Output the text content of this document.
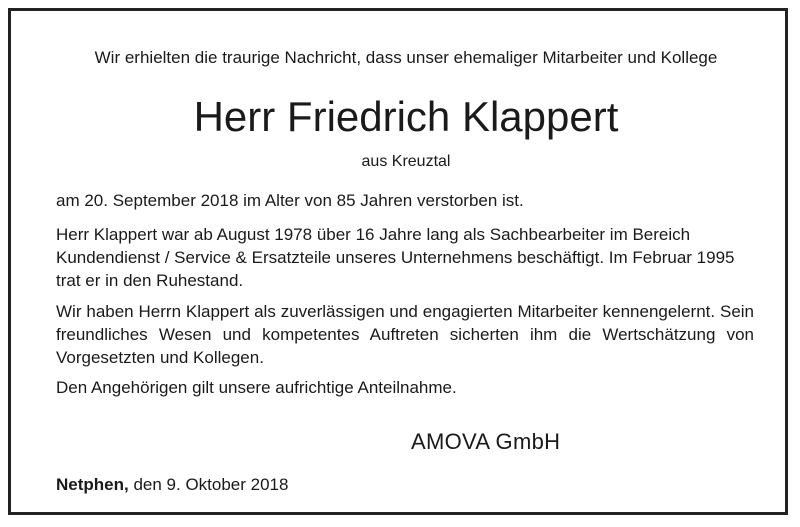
Wir erhielten die traurige Nachricht, dass unser ehemaliger Mitarbeiter und Kollege

Herr Friedrich Klappert

aus Kreuztal

am 20. September 2018 im Alter von 85 Jahren verstorben ist.

Herr Klappert war ab August 1978 über 16 Jahre lang als Sachbearbeiter im Bereich Kundendienst / Service & Ersatzteile unseres Unternehmens beschäftigt. Im Februar 1995 trat er in den Ruhestand.

Wir haben Herrn Klappert als zuverlässigen und engagierten Mitarbeiter kennengelernt. Sein freundliches Wesen und kompetentes Auftreten sicherten ihm die Wertschätzung von Vorgesetzten und Kollegen.

Den Angehörigen gilt unsere aufrichtige Anteilnahme.

AMOVA GmbH
Netphen, den 9. Oktober 2018
